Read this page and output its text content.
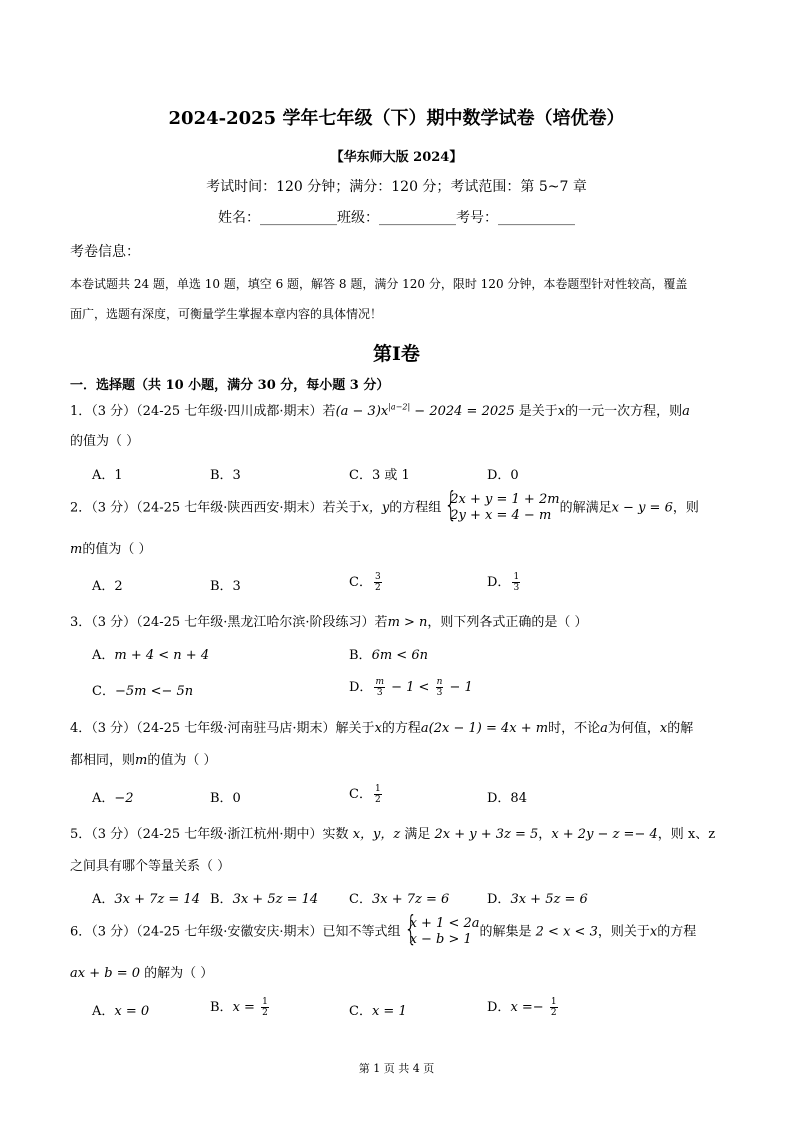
2024-2025 学年七年级（下）期中数学试卷（培优卷）
【华东师大版 2024】
考试时间：120 分钟；满分：120 分；考试范围：第 5~7 章
姓名：___________班级：___________考号：___________
考卷信息：
本卷试题共 24 题，单选 10 题，填空 6 题，解答 8 题，满分 120 分，限时 120 分钟，本卷题型针对性较高，覆盖
面广，选题有深度，可衡量学生掌握本章内容的具体情况！
第Ⅰ卷
一．选择题（共 10 小题，满分 30 分，每小题 3 分）
1．（3 分）（24-25 七年级·四川成都·期末）若$(a - 3)x^{|a-2|} - 2024 = 2025$ 是关于x的一元一次方程，则a
的值为（ ）
A．1	B．3	C．3 或 1	D．0
2．（3 分）（24-25 七年级·陕西西安·期末）若关于x，y的方程组
{ 2x + y = 1 + 2m
2y + x = 4 − m 的解满足x − y = 6，则
m的值为（ ）
A．2	B．3	C． $\frac{3}{2}$	D． $\frac{1}{3}$
3．（3 分）（24-25 七年级·黑龙江哈尔滨·阶段练习）若m > n，则下列各式正确的是（ ）
A．m + 4 < n + 4	B．6m < 6n
C．−5m <− 5n	D． $\frac{m}{3} - 1 < \frac{n}{3} - 1$
4．（3 分）（24-25 七年级·河南驻马店·期末）解关于x的方程a(2x − 1) = 4x + m时，不论a为何值，x的解
都相同，则m的值为（ ）
A．−2	B．0	C． $\frac{1}{2}$	D．84
5．（3 分）（24-25 七年级·浙江杭州·期中）实数 x，y，z 满足 2x + y + 3z = 5，x + 2y − z =− 4，则 x、z
之间具有哪个等量关系（ ）
A．3x + 7z = 14 B．3x + 5z = 14 C．3x + 7z = 6	D．3x + 5z = 6
6．（3 分）（24-25 七年级·安徽安庆·期末）已知不等式组
{ x + 1 < 2a
x − b > 1 的解集是 2 < x < 3，则关于x的方程
ax + b = 0 的解为（ ）
A．x = 0	B．$x = \frac{1}{2}$	C．x = 1	D．$x =- \frac{1}{2}$
第 1 页 共 4 页
